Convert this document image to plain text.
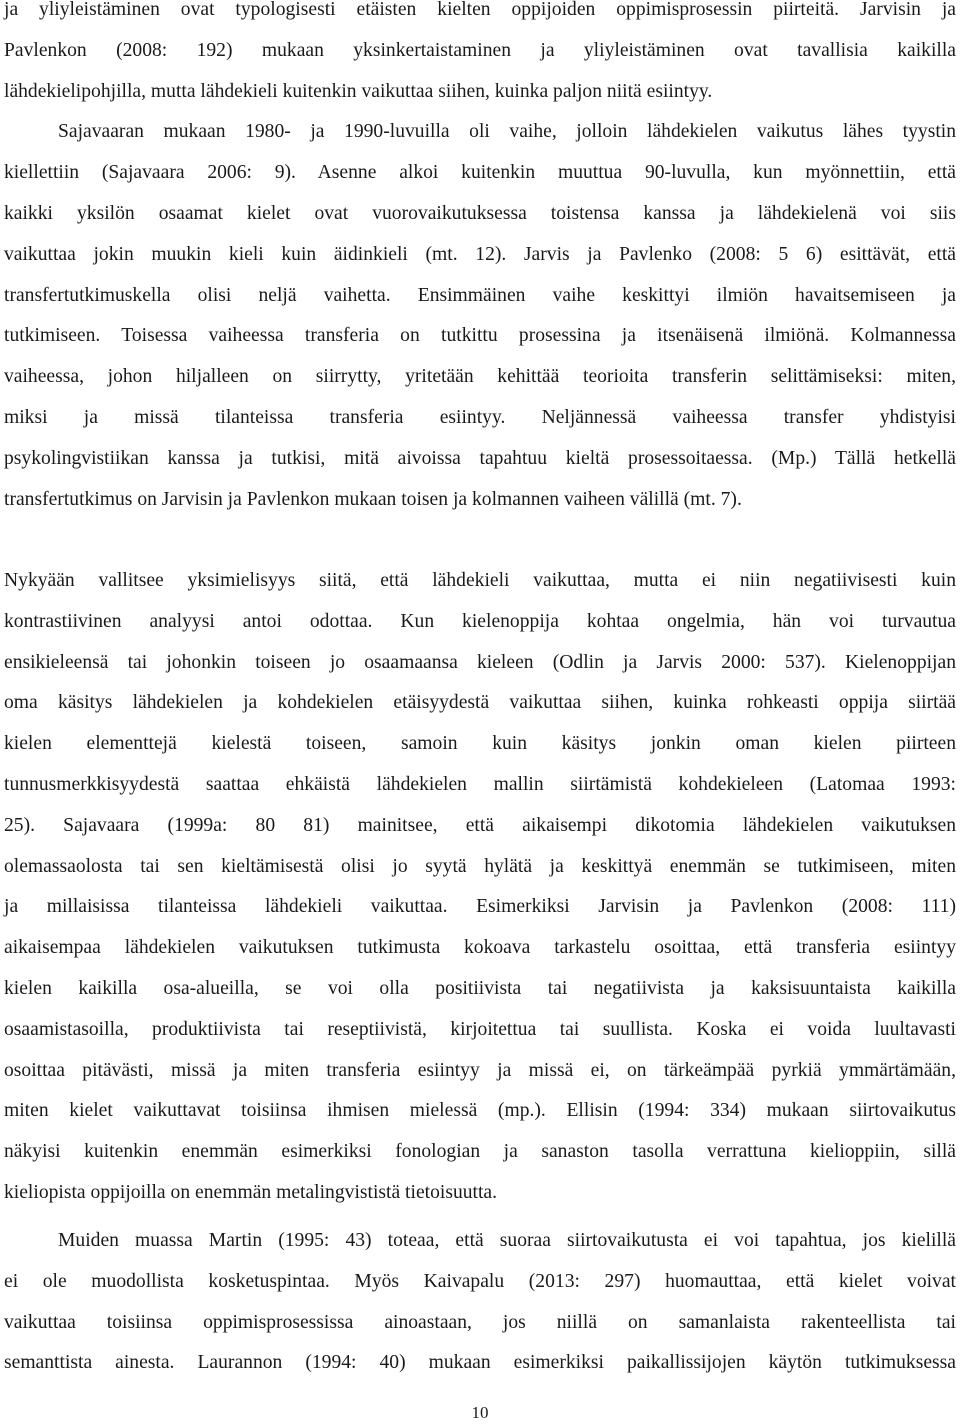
ja yliyleistäminen ovat typologisesti etäisten kielten oppijoiden oppimisprosessin piirteitä. Jarvisin ja
Pavlenkon (2008: 192) mukaan yksinkertaistaminen ja yliyleistäminen ovat tavallisia kaikilla
lähdekielipohjilla, mutta lähdekieli kuitenkin vaikuttaa siihen, kuinka paljon niitä esiintyy.
Sajavaaran mukaan 1980- ja 1990-luvuilla oli vaihe, jolloin lähdekielen vaikutus lähes tyystin
kiellettiin (Sajavaara 2006: 9). Asenne alkoi kuitenkin muuttua 90-luvulla, kun myönnettiin, että
kaikki yksilön osaamat kielet ovat vuorovaikutuksessa toistensa kanssa ja lähdekielenä voi siis
vaikuttaa jokin muukin kieli kuin äidinkieli (mt. 12). Jarvis ja Pavlenko (2008: 5 6) esittävät, että
transfertutkimuskella olisi neljä vaihetta. Ensimmäinen vaihe keskittyi ilmiön havaitsemiseen ja
tutkimiseen. Toisessa vaiheessa transferia on tutkittu prosessina ja itsenäisenä ilmiönä. Kolmannessa
vaiheessa, johon hiljalleen on siirrytty, yritetään kehittää teorioita transferin selittämiseksi: miten,
miksi ja missä tilanteissa transferia esiintyy. Neljännessä vaiheessa transfer yhdistyisi
psykolingvistiikan kanssa ja tutkisi, mitä aivoissa tapahtuu kieltä prosessoitaessa. (Mp.) Tällä hetkellä
transfertutkimus on Jarvisin ja Pavlenkon mukaan toisen ja kolmannen vaiheen välillä (mt. 7).
Nykyään vallitsee yksimielisyys siitä, että lähdekieli vaikuttaa, mutta ei niin negatiivisesti kuin
kontrastiivinen analyysi antoi odottaa. Kun kielenoppija kohtaa ongelmia, hän voi turvautua
ensikieleensä tai johonkin toiseen jo osaamaansa kieleen (Odlin ja Jarvis 2000: 537). Kielenoppijan
oma käsitys lähdekielen ja kohdekielen etäisyydestä vaikuttaa siihen, kuinka rohkeasti oppija siirtää
kielen elementtejä kielestä toiseen, samoin kuin käsitys jonkin oman kielen piirteen
tunnusmerkkisyydestä saattaa ehkäistä lähdekielen mallin siirtämistä kohdekieleen (Latomaa 1993:
25). Sajavaara (1999a: 80 81) mainitsee, että aikaisempi dikotomia lähdekielen vaikutuksen
olemassaolosta tai sen kieltämisestä olisi jo syytä hylätä ja keskittyä enemmän se tutkimiseen, miten
ja millaisissa tilanteissa lähdekieli vaikuttaa. Esimerkiksi Jarvisin ja Pavlenkon (2008: 111)
aikaisempaa lähdekielen vaikutuksen tutkimusta kokoava tarkastelu osoittaa, että transferia esiintyy
kielen kaikilla osa-alueilla, se voi olla positiivista tai negatiivista ja kaksisuuntaista kaikilla
osaamistasoilla, produktiivista tai reseptiivistä, kirjoitettua tai suullista. Koska ei voida luultavasti
osoittaa pitävästi, missä ja miten transferia esiintyy ja missä ei, on tärkeämpää pyrkiä ymmärtämään,
miten kielet vaikuttavat toisiinsa ihmisen mielessä (mp.). Ellisin (1994: 334) mukaan siirtovaikutus
näkyisi kuitenkin enemmän esimerkiksi fonologian ja sanaston tasolla verrattuna kielioppiin, sillä
kieliopista oppijoilla on enemmän metalingvististä tietoisuutta.
Muiden muassa Martin (1995: 43) toteaa, että suoraa siirtovaikutusta ei voi tapahtua, jos kielillä
ei ole muodollista kosketuspintaa. Myös Kaivapalu (2013: 297) huomauttaa, että kielet voivat
vaikuttaa toisiinsa oppimisprosessissa ainoastaan, jos niillä on samanlaista rakenteellista tai
semanttista ainesta. Laurannon (1994: 40) mukaan esimerkiksi paikallissijojen käytön tutkimuksessa
10
